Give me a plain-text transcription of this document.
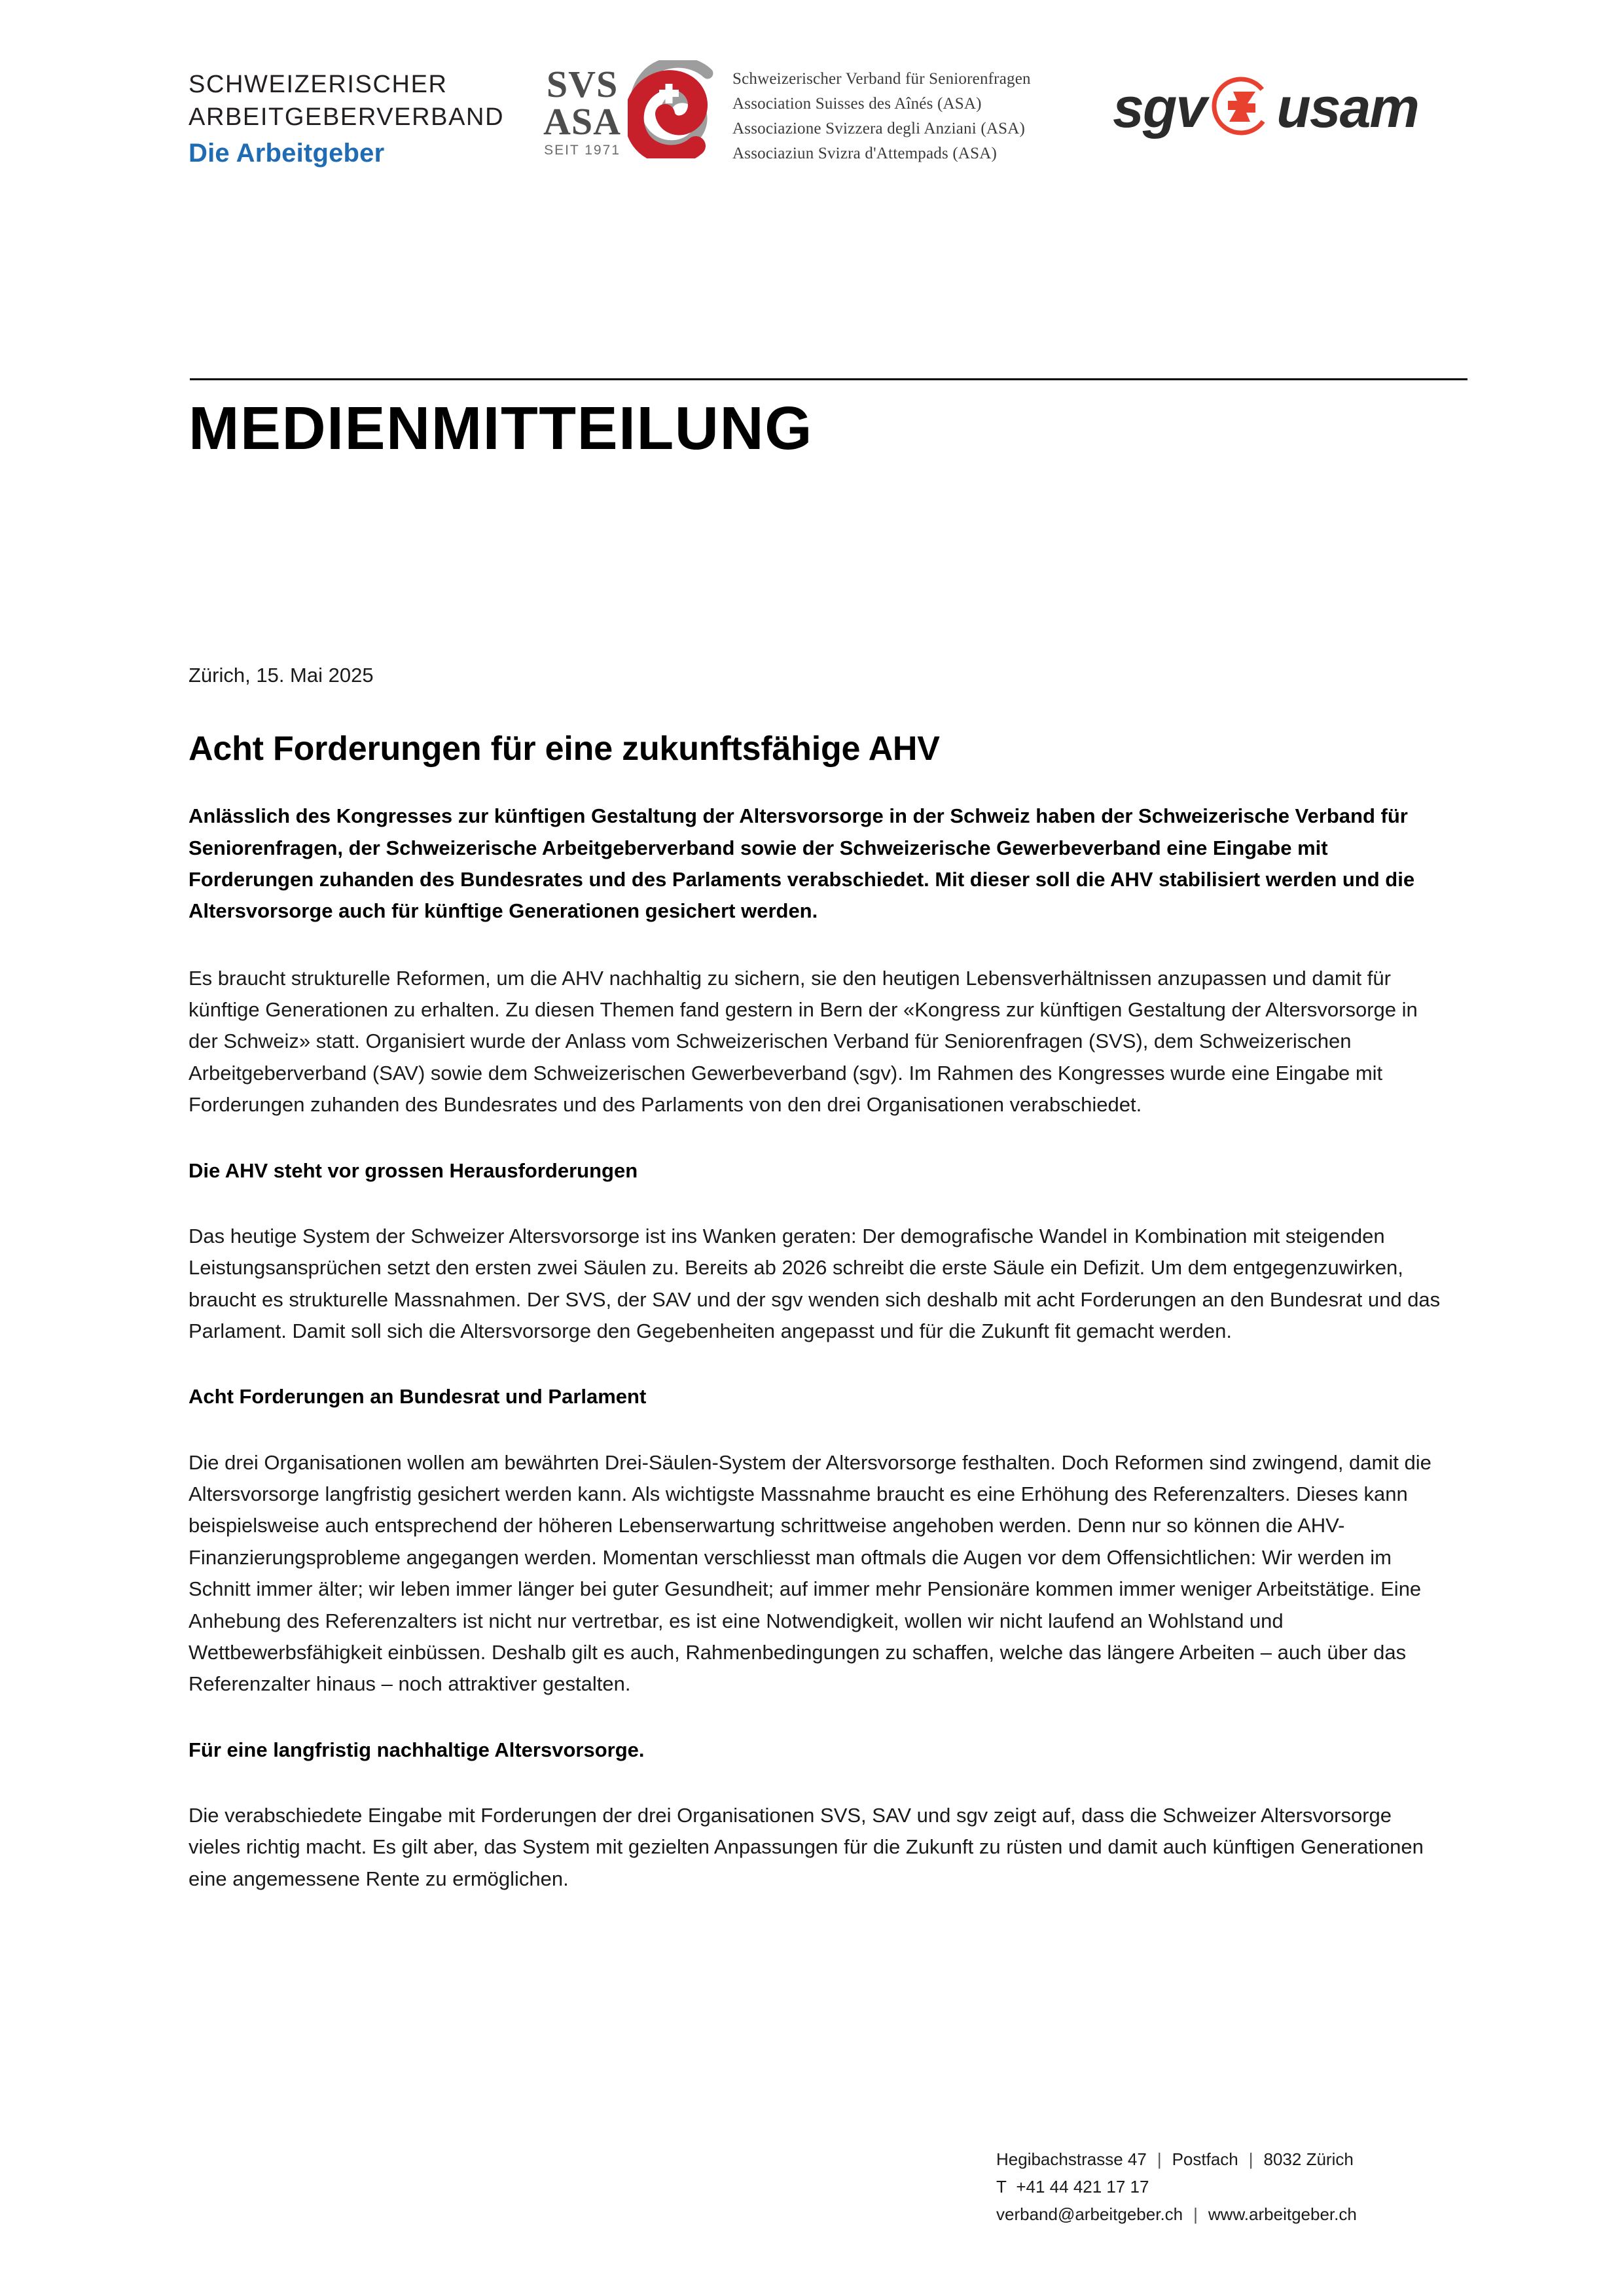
SCHWEIZERISCHER
ARBEITGEBERVERBAND
Die Arbeitgeber
SVS
ASA
SEIT 1971
Schweizerischer Verband für Seniorenfragen
Association Suisses des Aînés (ASA)
Associazione Svizzera degli Anziani (ASA)
Associaziun Svizra d'Attempads (ASA)
sgv usam
MEDIENMITTEILUNG

Zürich, 15. Mai 2025

Acht Forderungen für eine zukunftsfähige AHV

Anlässlich des Kongresses zur künftigen Gestaltung der Altersvorsorge in der Schweiz haben der Schweizerische Verband für Seniorenfragen, der Schweizerische Arbeitgeberverband sowie der Schweizerische Gewerbeverband eine Eingabe mit Forderungen zuhanden des Bundesrates und des Parlaments verabschiedet. Mit dieser soll die AHV stabilisiert werden und die Altersvorsorge auch für künftige Generationen gesichert werden.

Es braucht strukturelle Reformen, um die AHV nachhaltig zu sichern, sie den heutigen Lebensverhältnissen anzupassen und damit für künftige Generationen zu erhalten. Zu diesen Themen fand gestern in Bern der «Kongress zur künftigen Gestaltung der Altersvorsorge in der Schweiz» statt. Organisiert wurde der Anlass vom Schweizerischen Verband für Seniorenfragen (SVS), dem Schweizerischen Arbeitgeberverband (SAV) sowie dem Schweizerischen Gewerbeverband (sgv). Im Rahmen des Kongresses wurde eine Eingabe mit Forderungen zuhanden des Bundesrates und des Parlaments von den drei Organisationen verabschiedet.

Die AHV steht vor grossen Herausforderungen

Das heutige System der Schweizer Altersvorsorge ist ins Wanken geraten: Der demografische Wandel in Kombination mit steigenden Leistungsansprüchen setzt den ersten zwei Säulen zu. Bereits ab 2026 schreibt die erste Säule ein Defizit. Um dem entgegenzuwirken, braucht es strukturelle Massnahmen. Der SVS, der SAV und der sgv wenden sich deshalb mit acht Forderungen an den Bundesrat und das Parlament. Damit soll sich die Altersvorsorge den Gegebenheiten angepasst und für die Zukunft fit gemacht werden.

Acht Forderungen an Bundesrat und Parlament

Die drei Organisationen wollen am bewährten Drei-Säulen-System der Altersvorsorge festhalten. Doch Reformen sind zwingend, damit die Altersvorsorge langfristig gesichert werden kann. Als wichtigste Massnahme braucht es eine Erhöhung des Referenzalters. Dieses kann beispielsweise auch entsprechend der höheren Lebenserwartung schrittweise angehoben werden. Denn nur so können die AHV-Finanzierungsprobleme angegangen werden. Momentan verschliesst man oftmals die Augen vor dem Offensichtlichen: Wir werden im Schnitt immer älter; wir leben immer länger bei guter Gesundheit; auf immer mehr Pensionäre kommen immer weniger Arbeitstätige. Eine Anhebung des Referenzalters ist nicht nur vertretbar, es ist eine Notwendigkeit, wollen wir nicht laufend an Wohlstand und Wettbewerbsfähigkeit einbüssen. Deshalb gilt es auch, Rahmenbedingungen zu schaffen, welche das längere Arbeiten – auch über das Referenzalter hinaus – noch attraktiver gestalten.

Für eine langfristig nachhaltige Altersvorsorge.

Die verabschiedete Eingabe mit Forderungen der drei Organisationen SVS, SAV und sgv zeigt auf, dass die Schweizer Altersvorsorge vieles richtig macht. Es gilt aber, das System mit gezielten Anpassungen für die Zukunft zu rüsten und damit auch künftigen Generationen eine angemessene Rente zu ermöglichen.

Hegibachstrasse 47 | Postfach | 8032 Zürich
T +41 44 421 17 17
verband@arbeitgeber.ch | www.arbeitgeber.ch
